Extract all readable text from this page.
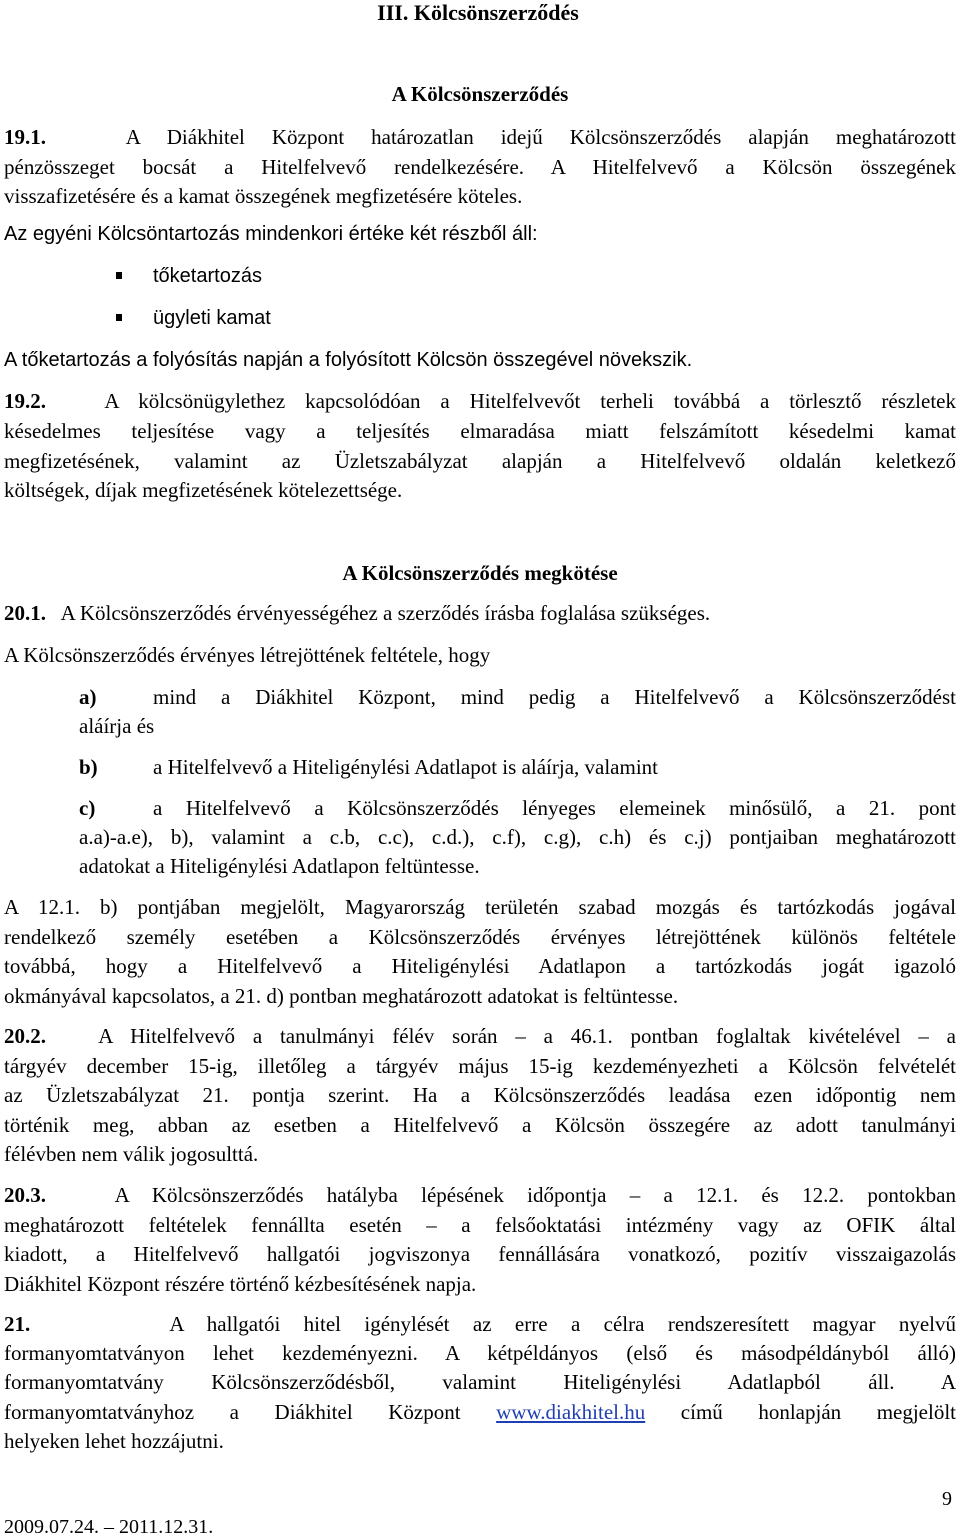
III. Kölcsönszerződés
A Kölcsönszerződés
19.1.	A Diákhitel Központ határozatlan idejű Kölcsönszerződés alapján meghatározott
pénzösszeget bocsát a Hitelfelvevő rendelkezésére. A Hitelfelvevő a Kölcsön összegének
visszafizetésére és a kamat összegének megfizetésére köteles.
Az egyéni Kölcsöntartozás mindenkori értéke két részből áll:
tőketartozás
ügyleti kamat
A tőketartozás a folyósítás napján a folyósított Kölcsön összegével növekszik.
19.2.	A kölcsönügylethez kapcsolódóan a Hitelfelvevőt terheli továbbá a törlesztő részletek
késedelmes teljesítése vagy a teljesítés elmaradása miatt felszámított késedelmi kamat
megfizetésének, valamint az Üzletszabályzat alapján a Hitelfelvevő oldalán keletkező
költségek, díjak megfizetésének kötelezettsége.
A Kölcsönszerződés megkötése
20.1. A Kölcsönszerződés érvényességéhez a szerződés írásba foglalása szükséges.
A Kölcsönszerződés érvényes létrejöttének feltétele, hogy
a)	mind a Diákhitel Központ, mind pedig a Hitelfelvevő a Kölcsönszerződést
aláírja és
b)	a Hitelfelvevő a Hiteligénylési Adatlapot is aláírja, valamint
c)	a Hitelfelvevő a Kölcsönszerződés lényeges elemeinek minősülő, a 21. pont
a.a)-a.e), b), valamint a c.b, c.c), c.d.), c.f), c.g), c.h) és c.j) pontjaiban meghatározott
adatokat a Hiteligénylési Adatlapon feltüntesse.
A 12.1. b) pontjában megjelölt, Magyarország területén szabad mozgás és tartózkodás jogával
rendelkező személy esetében a Kölcsönszerződés érvényes létrejöttének különös feltétele
továbbá, hogy a Hitelfelvevő a Hiteligénylési Adatlapon a tartózkodás jogát igazoló
okmányával kapcsolatos, a 21. d) pontban meghatározott adatokat is feltüntesse.
20.2. A Hitelfelvevő a tanulmányi félév során – a 46.1. pontban foglaltak kivételével – a
tárgyév december 15-ig, illetőleg a tárgyév május 15-ig kezdeményezheti a Kölcsön felvételét
az Üzletszabályzat 21. pontja szerint. Ha a Kölcsönszerződés leadása ezen időpontig nem
történik meg, abban az esetben a Hitelfelvevő a Kölcsön összegére az adott tanulmányi
félévben nem válik jogosulttá.
20.3.	A Kölcsönszerződés hatályba lépésének időpontja – a 12.1. és 12.2. pontokban
meghatározott feltételek fennállta esetén – a felsőoktatási intézmény vagy az OFIK által
kiadott, a Hitelfelvevő hallgatói jogviszonya fennállására vonatkozó, pozitív visszaigazolás
Diákhitel Központ részére történő kézbesítésének napja.
21.	A hallgatói hitel igénylését az erre a célra rendszeresített magyar nyelvű
formanyomtatványon lehet kezdeményezni. A kétpéldányos (első és másodpéldányból álló)
formanyomtatvány Kölcsönszerződésből, valamint Hiteligénylési Adatlapból áll. A
formanyomtatványhoz a Diákhitel Központ www.diakhitel.hu című honlapján megjelölt
helyeken lehet hozzájutni.
9
2009.07.24. – 2011.12.31.
